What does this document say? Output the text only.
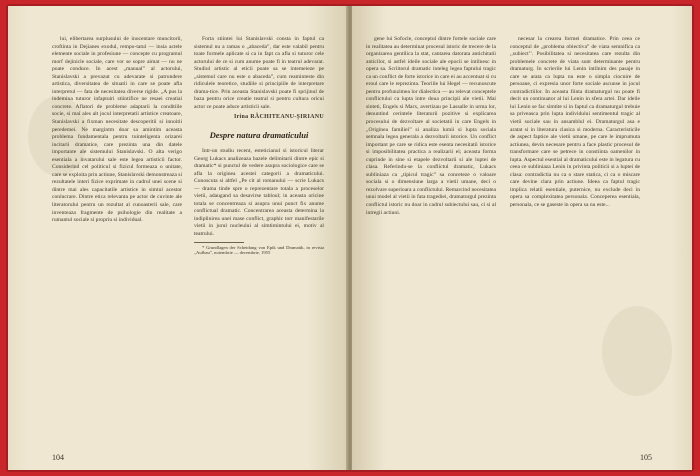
lui, elibertarea surplusului de inocentare muncitorii, croftinta in Dejianes exodul, rempo-tatul — insia actele elemente sociale in profesiune — concepte cu programul morf dejinicle sociale, care vor se sopre aimat — nu ne poate conduce. In acest „manual” al actorului, Stanislavski a prevazut cu adevarate si patrundere artistica, diversitatea de situatii in care se poate afla interpretul — fata de necesitatea diverse rigide. „A pus la indemina tuturor infaptuiri stiintifice ne resaei creatiai concrete. Aflatori de probleme adaptarii la conditiile socie, si mai ales alt jocul interpretatii artistice creatoare, Stanislavski a fixman necesitate descoperitii si innoitii peredemei. Ne margintm doar sa amintim aceasta problema fundamentala pentru tuinteligenta orizarei incitarii dramatice, care prezinta una din datele importante ale sistemului Stanislavski. O alta verigo esentiala a invatarului sale este legea artisticii factor. Considerind cel politicul si fizicul formeaza o unitate, care se exploita prin actiune, Stanislavski demonstreaza si rezultatele interi fizice exprimate in cadrul unei scene si dintre mai ales capacitatile artistice in simtul acestor conlucrare. Dintre etica relevanta pe actor de cuvinte ale literatorului pentru un rezultat al cunoasterii sale, care inventeaza fragmente de psihologie din realitate a rumantul sociale si propriu si individual.

Forta stiintei lui Stanislavski consta in faptul ca sistemul nu a ramas o „abaceda”, dar este valabil pentru toate formele aplicate si ca in fapt ca afla si tuturor cele actorului de ce si cum anume poate fi in teatrul adevarat. Studiul artistic al eticii poate sa se intemeieze pe „sistemul care nu este o abaceda”, cum reaminteste din ridiculele teoretice, studiile si principiile de interpretare drama-tice. Prin aceasta Stanislavski poate fi sprijinul de baza pentru orice creatie teatral si pentru cultura oricui actor ce poate aduce artisticii sale.

Irina RĂCHITEANU-ȘIRIANU
Despre natura dramaticului

Intr-un studiu recent, esteticianul si istoricul literar Georg Lukacs analizeaza bazele delimitarii dintre epic si dramatic* si punctul de vedere asupra sociologice care se afla la originea acestei categorii a dramaticului. Cunoscuta si altfel „Pe cit al romanului — scrie Lukacs — drama tinde spre o reprezentare totala a proceselor vietii, adaugand sa desavirse tabloul; in aceasta oricine totala se concentreaza si asupra unui punct fix anume conflictual dramatic. Concentrarea aceasta determina la indiplinirea unei mase conflict, graphic torr manifestarile vietii in jurul nucleului al simtimintului ei, motiv al teatrului.

* Grundlagen der Scheidung von Epik und Dramatik, in revista „Aufbau”, noiembrie — decembrie, 1955

104

gene lui Sofocle, conceptul dintre fortele sociale care in realitatea au determinat procesul istoric de trecere de la organizarea gentilica la stat, cantarea datorata antichitatii anticilor, si astfel ideile sociale ale epocii se intilnesc in opera sa. Scriitorul dramatic inteleg legea faptului tragic ca un conflict de forte istorice in care ei au accentuat si cu eroul care le reprezinta. Teoriile lui Hegel — recunoscute pentru profunzimea lor dialectica — au relevat conceptele conflictului ca lupta intre doua principii ale vietii. Mai sinteti, Engels si Marx, avertizau pe Lassalle in urma lor, denuntind cerintele literaturii pozitive si explicarea procesului de dezvoltare al societatii in care Engels in „Originea familiei” si analiza lumii si lupta sociala semnala legea generala a dezvoltarii istorice. Un conflict important pe care se ridica este esenta necesitatii istorice si imposibilitatea practica a realizarii ei; aceasta forma cuprinde in sine si etapele dezvoltarii si ale luptei de clasa. Referindu-se la conflictul dramatic, Lukacs subliniaza ca „tipicul tragic” sa conceteze o valoare sociala si o dimensiune larga a vietii umane, deci o rezolvare superioara a conflictului. Remarcind necesitatea unui model al vietii in fata tragediei, dramaturgul prezinta conflictul istoric nu doar in cadrul subiectului sau, ci si al intregii actiuni.

necesar la crearea formei dramatice. Prin ceea ce conceptul de „problema obiectiva” de viata semnifica ca ,,subiect’’. Posibilitatea si necesitatea care rezulta din problemele concrete de viata sunt determinante pentru dramaturg. In scrierile lui Lenin intilnim des pasaje in care se arata ca lupta nu este o simpla ciocnire de persoane, ci expresia unor forte sociale ascunse in jocul contradictiilor. In aceasta fiinta dramaturgul nu poate fi decit un continuator al lui Lenin in sfera artei. Dar ideile lui Lenin se fac simtite si in faptul ca dramaturgul trebuie sa priveasca prin lupta individului sentimentul tragic al vietii sociale sau in ansamblul ei. Dramaturgul asa e aratat si in literatura clasica si moderna. Caracteristicile de aspect faptice ale vietii umane, pe care le imprumuta actiunea, devin necesare pentru a face plastic procesul de transformare care se petrece in constiinta oamenilor in lupta. Aspectul esential al dramaticului este in legatura cu ceea ce subliniaza Lenin in privinta politicii si a luptei de clasa: contradictia nu ca o stare statica, ci ca o miscare care devine clara prin actiune. Ideea ca faptul tragic implica relatii esentiale, puternice, nu exclude deci in opera sa complexitatea personala. Conceperea esentiala, personala, ce se gaseste in opera sa nu este...

105
